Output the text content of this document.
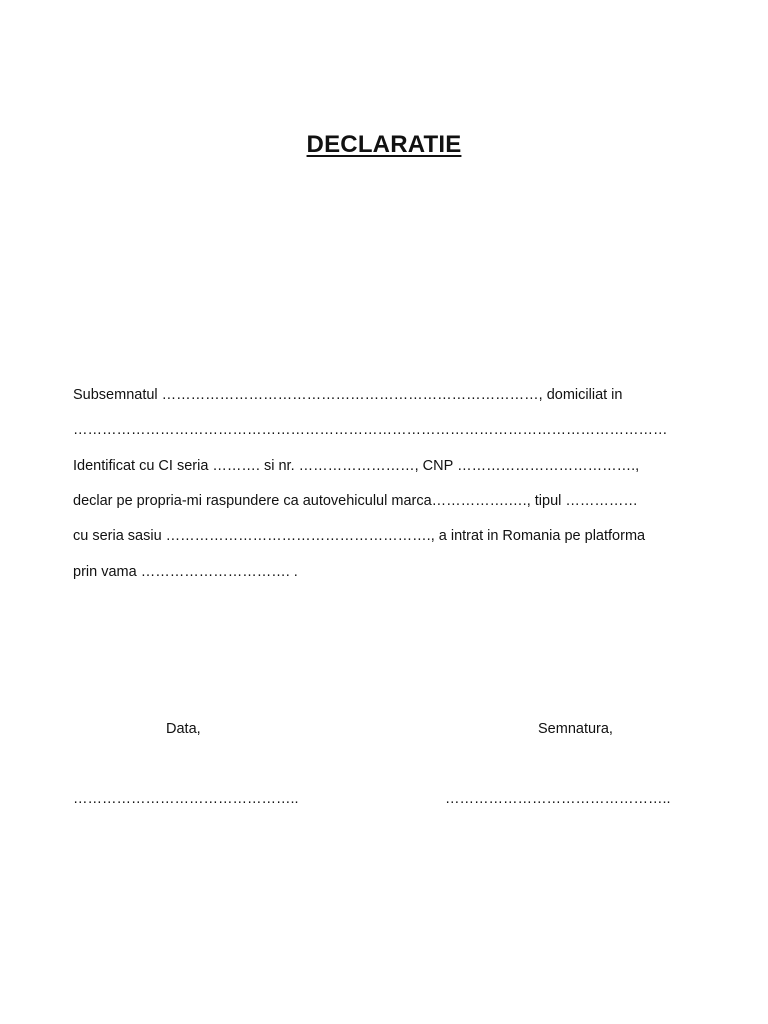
DECLARATIE
Subsemnatul ……………………………………………………………………, domiciliat in
……………………………………………………………………………………………………………
Identificat cu CI seria ………. si nr. ……………………, CNP ……………………………….,
declar pe propria-mi raspundere ca autovehiculul marca…………….…., tipul ……………
cu seria sasiu ………………………………………………., a intrat in Romania pe platforma
prin vama …………………………. .
Data,	Semnatura,
………………………………………..	………………………………………..
